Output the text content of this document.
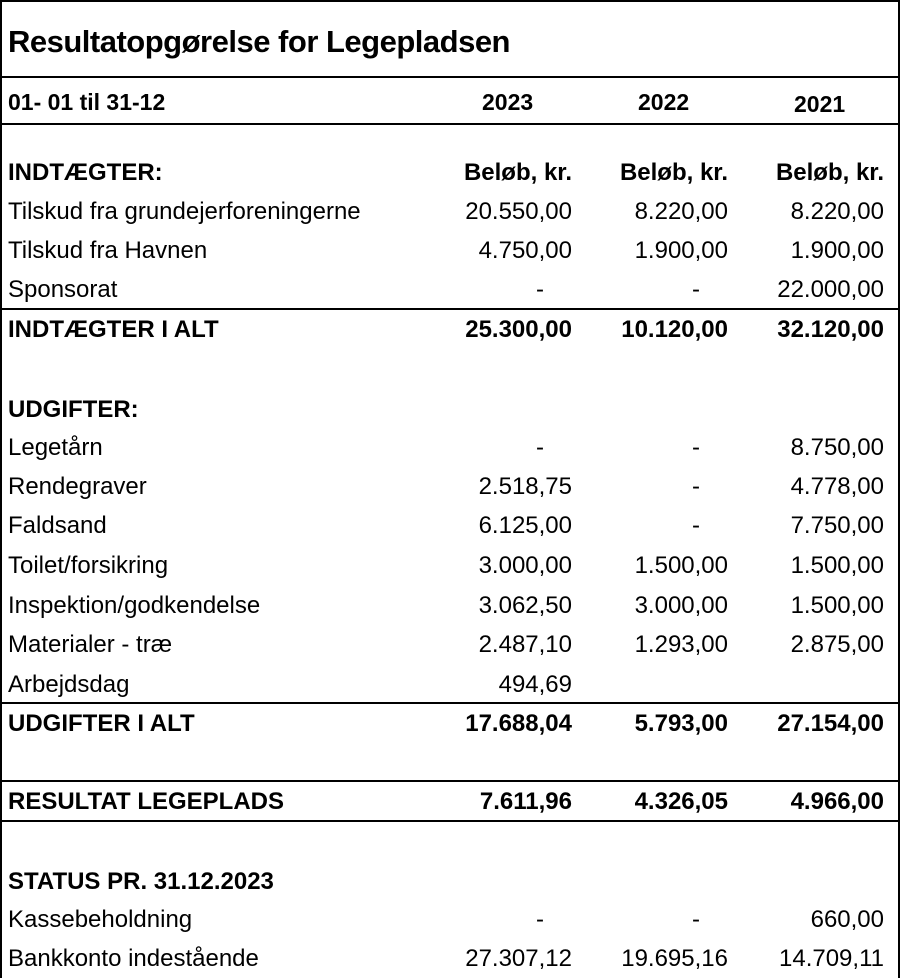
Resultatopgørelse for Legepladsen
01- 01 til 31-12	2023	2022	2021
INDTÆGTER:	Beløb, kr. Beløb, kr. Beløb, kr.
Tilskud fra grundejerforeningerne	20.550,00	8.220,00	8.220,00
Tilskud fra Havnen	4.750,00	1.900,00	1.900,00
Sponsorat	-	-	22.000,00
INDTÆGTER I ALT	25.300,00 10.120,00 32.120,00
UDGIFTER:
Legetårn	-	-	8.750,00
Rendegraver	2.518,75	-	4.778,00
Faldsand	6.125,00	-	7.750,00
Toilet/forsikring	3.000,00	1.500,00	1.500,00
Inspektion/godkendelse	3.062,50	3.000,00	1.500,00
Materialer - træ	2.487,10	1.293,00	2.875,00
Arbejdsdag	494,69
UDGIFTER I ALT	17.688,04	5.793,00 27.154,00
RESULTAT LEGEPLADS	7.611,96	4.326,05	4.966,00
STATUS PR. 31.12.2023
Kassebeholdning	-	-	660,00
Bankkonto indestående	27.307,12 19.695,16 14.709,11
